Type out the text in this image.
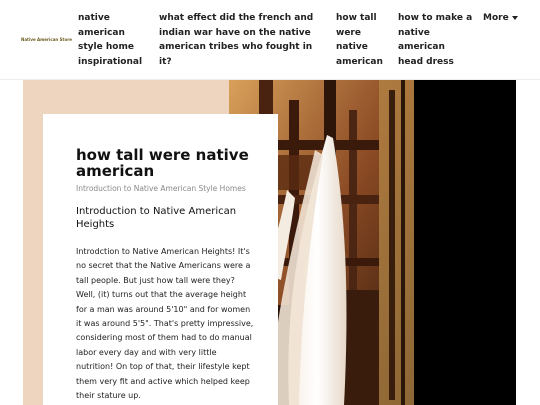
Native American Store
native american style home inspirational
what effect did the french and indian war have on the native american tribes who fought in it?
how tall were native american
how to make a native american head dress
More
how tall were native american
Introduction to Native American Style Homes
Introduction to Native American Heights

Introdction to Native American Heights! It's no secret that the Native Americans were a tall people. But just how tall were they? Well, (it) turns out that the average height for a man was around 5'10" and for women it was around 5'5". That's pretty impressive, considering most of them had to do manual labor every day and with very little nutrition! On top of that, their lifestyle kept them very fit and active which helped keep their stature up.
